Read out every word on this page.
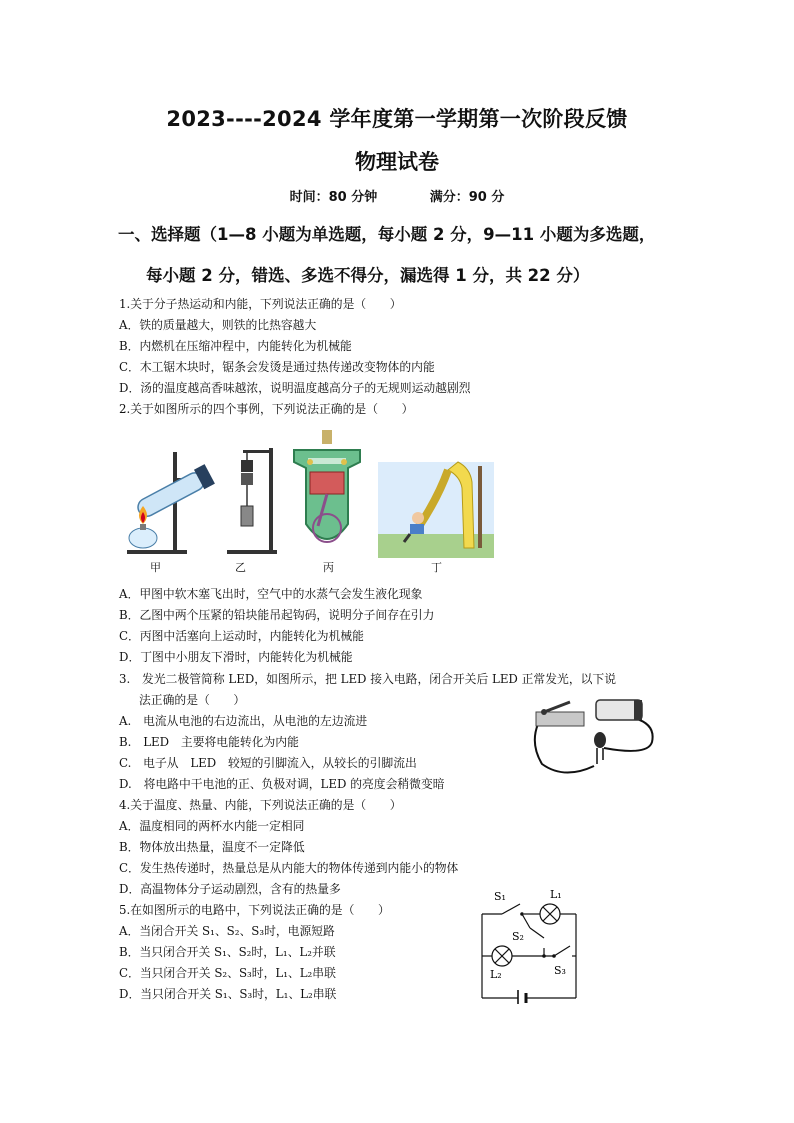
2023----2024 学年度第一学期第一次阶段反馈
物理试卷
时间：80 分钟	满分：90 分
一、选择题（1—8 小题为单选题，每小题 2 分，9—11 小题为多选题，
每小题 2 分，错选、多选不得分，漏选得 1 分，共 22 分）
1.关于分子热运动和内能，下列说法正确的是（　　）
A．铁的质量越大，则铁的比热容越大
B．内燃机在压缩冲程中，内能转化为机械能
C．木工锯木块时，锯条会发烫是通过热传递改变物体的内能
D．汤的温度越高香味越浓，说明温度越高分子的无规则运动越剧烈
2.关于如图所示的四个事例，下列说法正确的是（　　）
甲	乙	丙	丁
A．甲图中软木塞飞出时，空气中的水蒸气会发生液化现象
B．乙图中两个压紧的铅块能吊起钩码，说明分子间存在引力
C．丙图中活塞向上运动时，内能转化为机械能
D．丁图中小朋友下滑时，内能转化为机械能
3.　发光二极管简称 LED，如图所示，把 LED 接入电路，闭合开关后 LED 正常发光，以下说
法正确的是（　　）
A.　电流从电池的右边流出，从电池的左边流进
B.　LED　主要将电能转化为内能
C.　电子从　LED　较短的引脚流入，从较长的引脚流出
D.　将电路中干电池的正、负极对调，LED 的亮度会稍微变暗
4.关于温度、热量、内能，下列说法正确的是（　　）
A．温度相同的两杯水内能一定相同
B．物体放出热量，温度不一定降低
C．发生热传递时，热量总是从内能大的物体传递到内能小的物体
D．高温物体分子运动剧烈，含有的热量多
5.在如图所示的电路中，下列说法正确的是（　　）
A．当闭合开关 S₁、S₂、S₃时，电源短路
B．当只闭合开关 S₁、S₂时，L₁、L₂并联
C．当只闭合开关 S₂、S₃时，L₁、L₂串联
D．当只闭合开关 S₁、S₃时，L₁、L₂串联
S₁	L₁
S₂
L₂	S₃
